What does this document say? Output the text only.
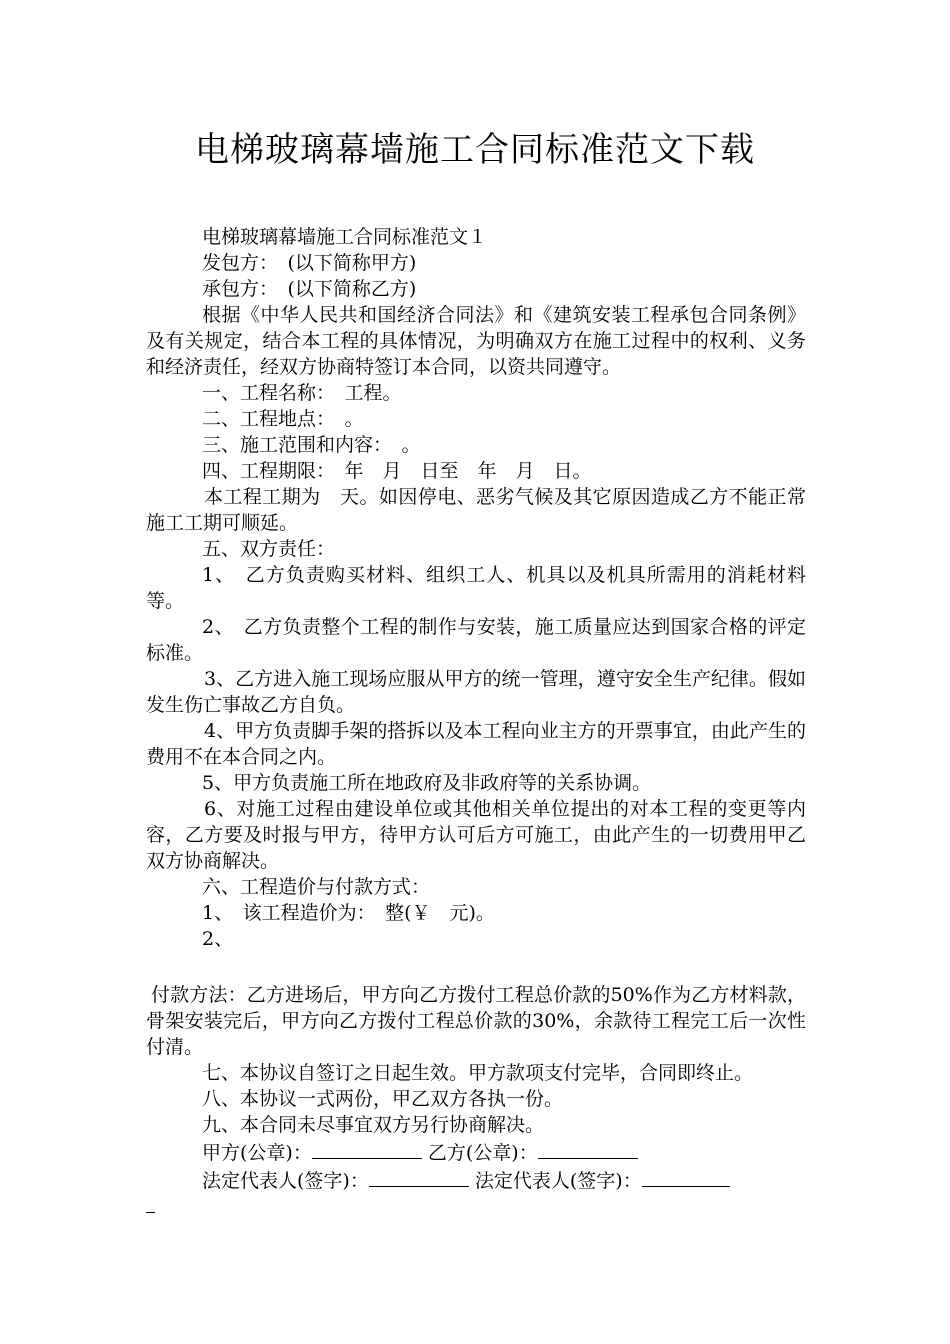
电梯玻璃幕墙施工合同标准范文下载

电梯玻璃幕墙施工合同标准范文１

发包方：　(以下简称甲方)

承包方：　(以下简称乙方)

根据《中华人民共和国经济合同法》和《建筑安装工程承包合同条例》及有关规定，结合本工程的具体情况，为明确双方在施工过程中的权利、义务和经济责任，经双方协商特签订本合同，以资共同遵守。

一、工程名称：　工程。

二、工程地点：　。

三、施工范围和内容：　。

四、工程期限：　年　月　日至　年　月　日。

本工程工期为　天。如因停电、恶劣气候及其它原因造成乙方不能正常施工工期可顺延。

五、双方责任：

1、　乙方负责购买材料、组织工人、机具以及机具所需用的消耗材料等。

2、　乙方负责整个工程的制作与安装，施工质量应达到国家合格的评定标准。

3、乙方进入施工现场应服从甲方的统一管理，遵守安全生产纪律。假如发生伤亡事故乙方自负。

4、甲方负责脚手架的搭拆以及本工程向业主方的开票事宜，由此产生的费用不在本合同之内。

5、甲方负责施工所在地政府及非政府等的关系协调。

6、对施工过程由建设单位或其他相关单位提出的对本工程的变更等内容，乙方要及时报与甲方，待甲方认可后方可施工，由此产生的一切费用甲乙双方协商解决。

六、工程造价与付款方式：

1、　该工程造价为：　整(￥　元)。

2、

付款方法：乙方进场后，甲方向乙方拨付工程总价款的50%作为乙方材料款，骨架安装完后，甲方向乙方拨付工程总价款的30%，余款待工程完工后一次性付清。

七、本协议自签订之日起生效。甲方款项支付完毕，合同即终止。

八、本协议一式两份，甲乙双方各执一份。

九、本合同未尽事宜双方另行协商解决。

甲方(公章)：	乙方(公章)：

法定代表人(签字)：	法定代表人(签字)：
